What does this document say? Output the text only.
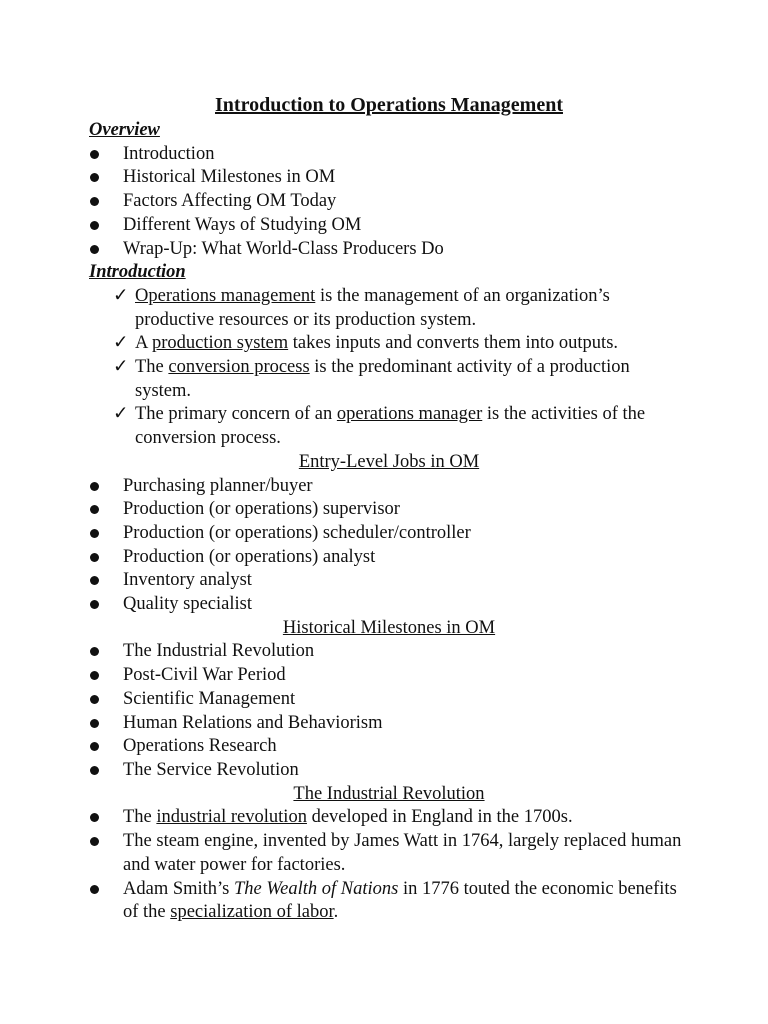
Introduction to Operations Management
Overview
Introduction
Historical Milestones in OM
Factors Affecting OM Today
Different Ways of Studying OM
Wrap-Up: What World-Class Producers Do
Introduction
✓ Operations management is the management of an organization’s productive resources or its production system.
✓ A production system takes inputs and converts them into outputs.
✓ The conversion process is the predominant activity of a production system.
✓ The primary concern of an operations manager is the activities of the conversion process.
Entry-Level Jobs in OM
Purchasing planner/buyer
Production (or operations) supervisor
Production (or operations) scheduler/controller
Production (or operations) analyst
Inventory analyst
Quality specialist
Historical Milestones in OM
The Industrial Revolution
Post-Civil War Period
Scientific Management
Human Relations and Behaviorism
Operations Research
The Service Revolution
The Industrial Revolution
The industrial revolution developed in England in the 1700s.
The steam engine, invented by James Watt in 1764, largely replaced human and water power for factories.
Adam Smith’s The Wealth of Nations in 1776 touted the economic benefits of the specialization of labor.
